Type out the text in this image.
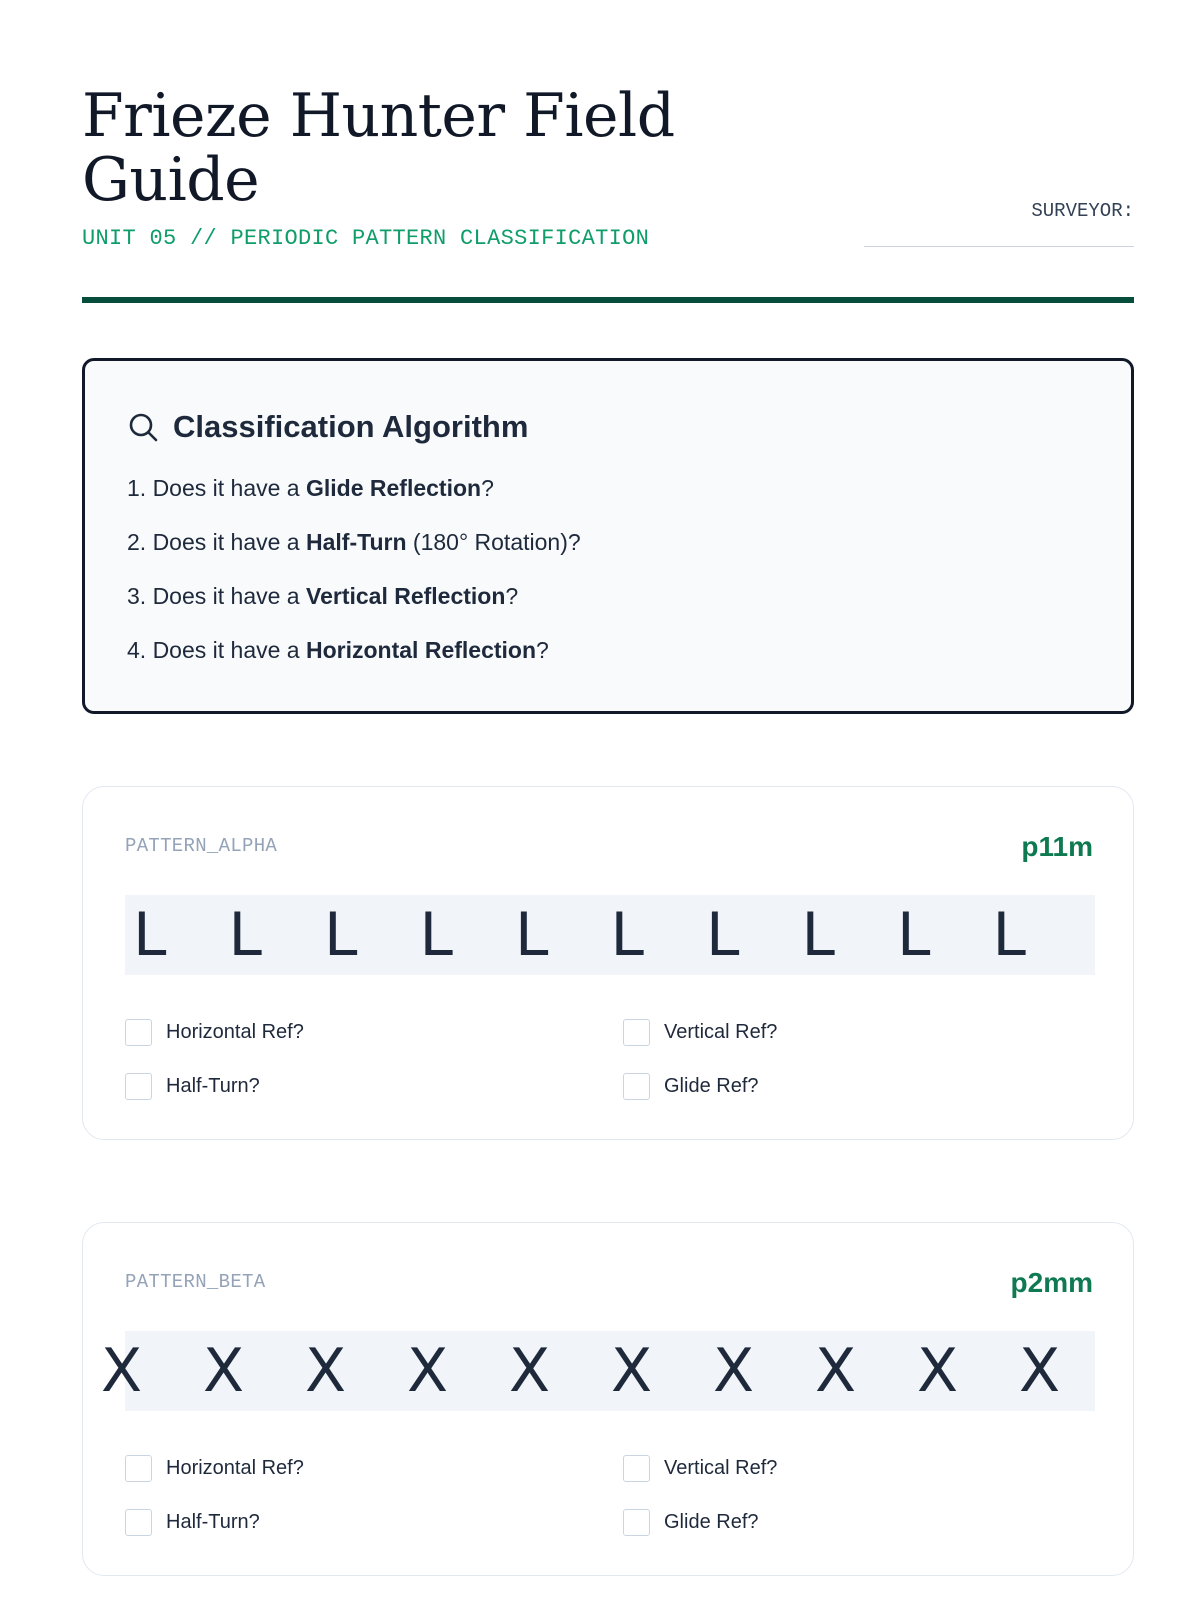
Frieze Hunter Field Guide
UNIT 05 // PERIODIC PATTERN CLASSIFICATION
SURVEYOR:
Classification Algorithm

1. Does it have a Glide Reflection?

2. Does it have a Half-Turn (180° Rotation)?

3. Does it have a Vertical Reflection?

4. Does it have a Horizontal Reflection?

PATTERN_ALPHA	p11m
L L L L L L L L L L
Horizontal Ref?	Vertical Ref?
Half-Turn?	Glide Ref?
PATTERN_BETA	p2mm
X X X X X X X X X X
Horizontal Ref?	Vertical Ref?
Half-Turn?	Glide Ref?
